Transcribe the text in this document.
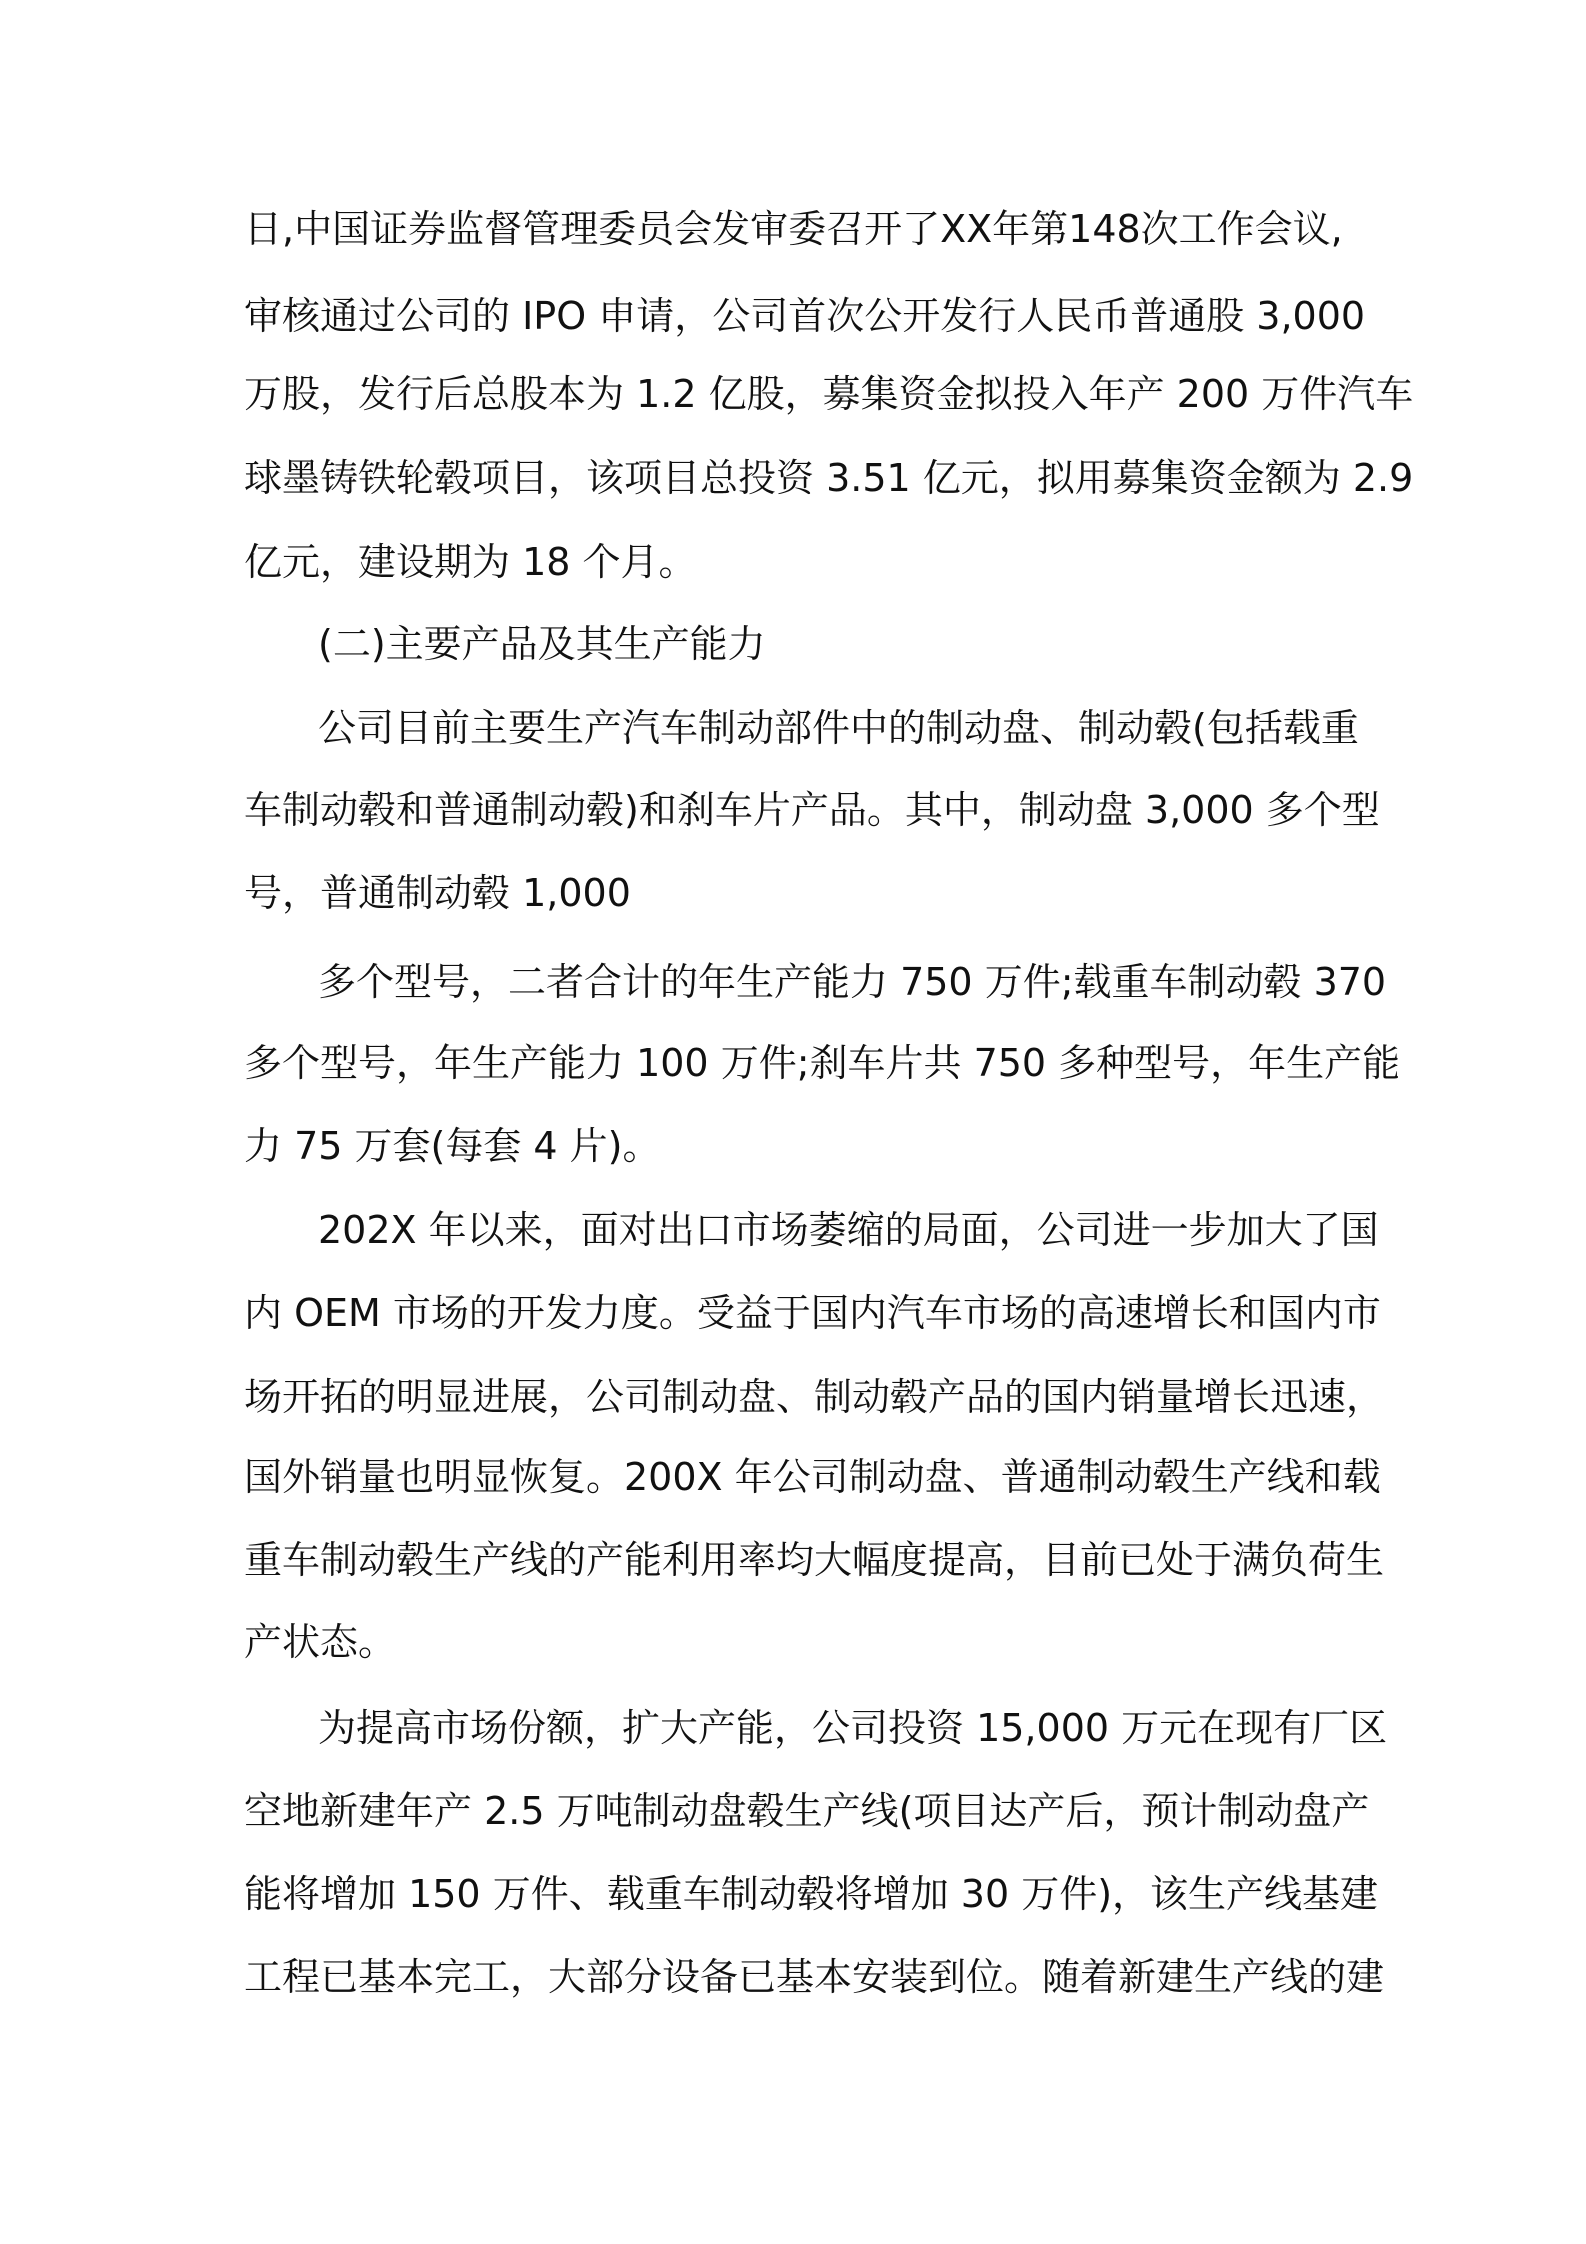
日,中国证券监督管理委员会发审委召开了XX年第148次工作会议,
审核通过公司的 IPO 申请，公司首次公开发行人民币普通股 3,000
万股，发行后总股本为 1.2 亿股，募集资金拟投入年产 200 万件汽车
球墨铸铁轮毂项目，该项目总投资 3.51 亿元，拟用募集资金额为 2.9
亿元，建设期为 18 个月。
(二)主要产品及其生产能力
公司目前主要生产汽车制动部件中的制动盘、制动毂(包括载重
车制动毂和普通制动毂)和刹车片产品。其中，制动盘 3,000 多个型
号，普通制动毂 1,000
多个型号，二者合计的年生产能力 750 万件;载重车制动毂 370
多个型号，年生产能力 100 万件;刹车片共 750 多种型号，年生产能
力 75 万套(每套 4 片)。
202X 年以来，面对出口市场萎缩的局面，公司进一步加大了国
内 OEM 市场的开发力度。受益于国内汽车市场的高速增长和国内市
场开拓的明显进展，公司制动盘、制动毂产品的国内销量增长迅速，
国外销量也明显恢复。200X 年公司制动盘、普通制动毂生产线和载
重车制动毂生产线的产能利用率均大幅度提高，目前已处于满负荷生
产状态。
为提高市场份额，扩大产能，公司投资 15,000 万元在现有厂区
空地新建年产 2.5 万吨制动盘毂生产线(项目达产后，预计制动盘产
能将增加 150 万件、载重车制动毂将增加 30 万件)，该生产线基建
工程已基本完工，大部分设备已基本安装到位。随着新建生产线的建
